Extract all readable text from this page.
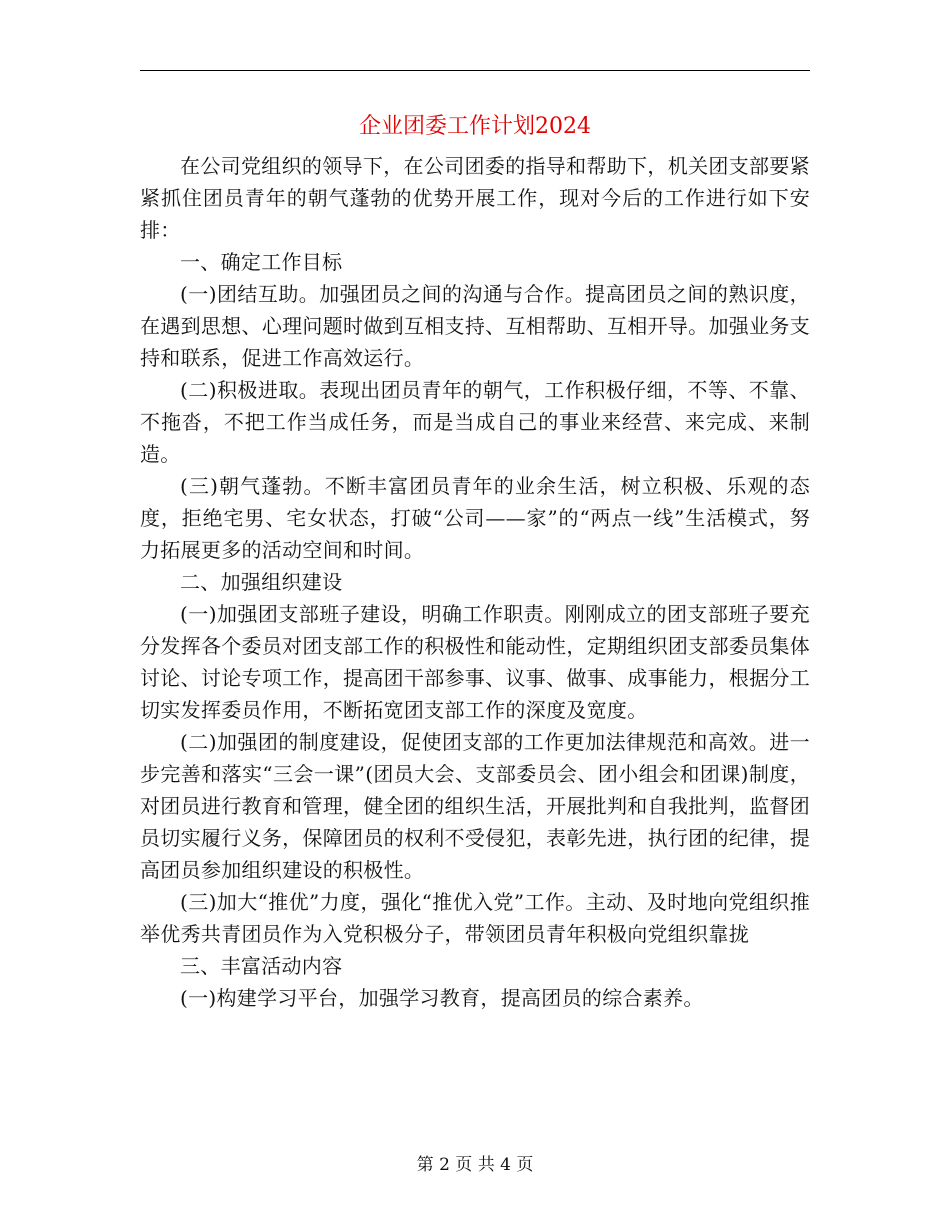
企业团委工作计划2024

在公司党组织的领导下，在公司团委的指导和帮助下，机关团支部要紧紧抓住团员青年的朝气蓬勃的优势开展工作，现对今后的工作进行如下安排：

一、确定工作目标

(一)团结互助。加强团员之间的沟通与合作。提高团员之间的熟识度，在遇到思想、心理问题时做到互相支持、互相帮助、互相开导。加强业务支持和联系，促进工作高效运行。

(二)积极进取。表现出团员青年的朝气，工作积极仔细，不等、不靠、不拖沓，不把工作当成任务，而是当成自己的事业来经营、来完成、来制造。

(三)朝气蓬勃。不断丰富团员青年的业余生活，树立积极、乐观的态度，拒绝宅男、宅女状态，打破“公司——家”的“两点一线”生活模式，努力拓展更多的活动空间和时间。

二、加强组织建设

(一)加强团支部班子建设，明确工作职责。刚刚成立的团支部班子要充分发挥各个委员对团支部工作的积极性和能动性，定期组织团支部委员集体讨论、讨论专项工作，提高团干部参事、议事、做事、成事能力，根据分工切实发挥委员作用，不断拓宽团支部工作的深度及宽度。

(二)加强团的制度建设，促使团支部的工作更加法律规范和高效。进一步完善和落实“三会一课”(团员大会、支部委员会、团小组会和团课)制度，对团员进行教育和管理，健全团的组织生活，开展批判和自我批判，监督团员切实履行义务，保障团员的权利不受侵犯，表彰先进，执行团的纪律，提高团员参加组织建设的积极性。

(三)加大“推优”力度，强化“推优入党”工作。主动、及时地向党组织推举优秀共青团员作为入党积极分子，带领团员青年积极向党组织靠拢

三、丰富活动内容

(一)构建学习平台，加强学习教育，提高团员的综合素养。

第 2 页 共 4 页
